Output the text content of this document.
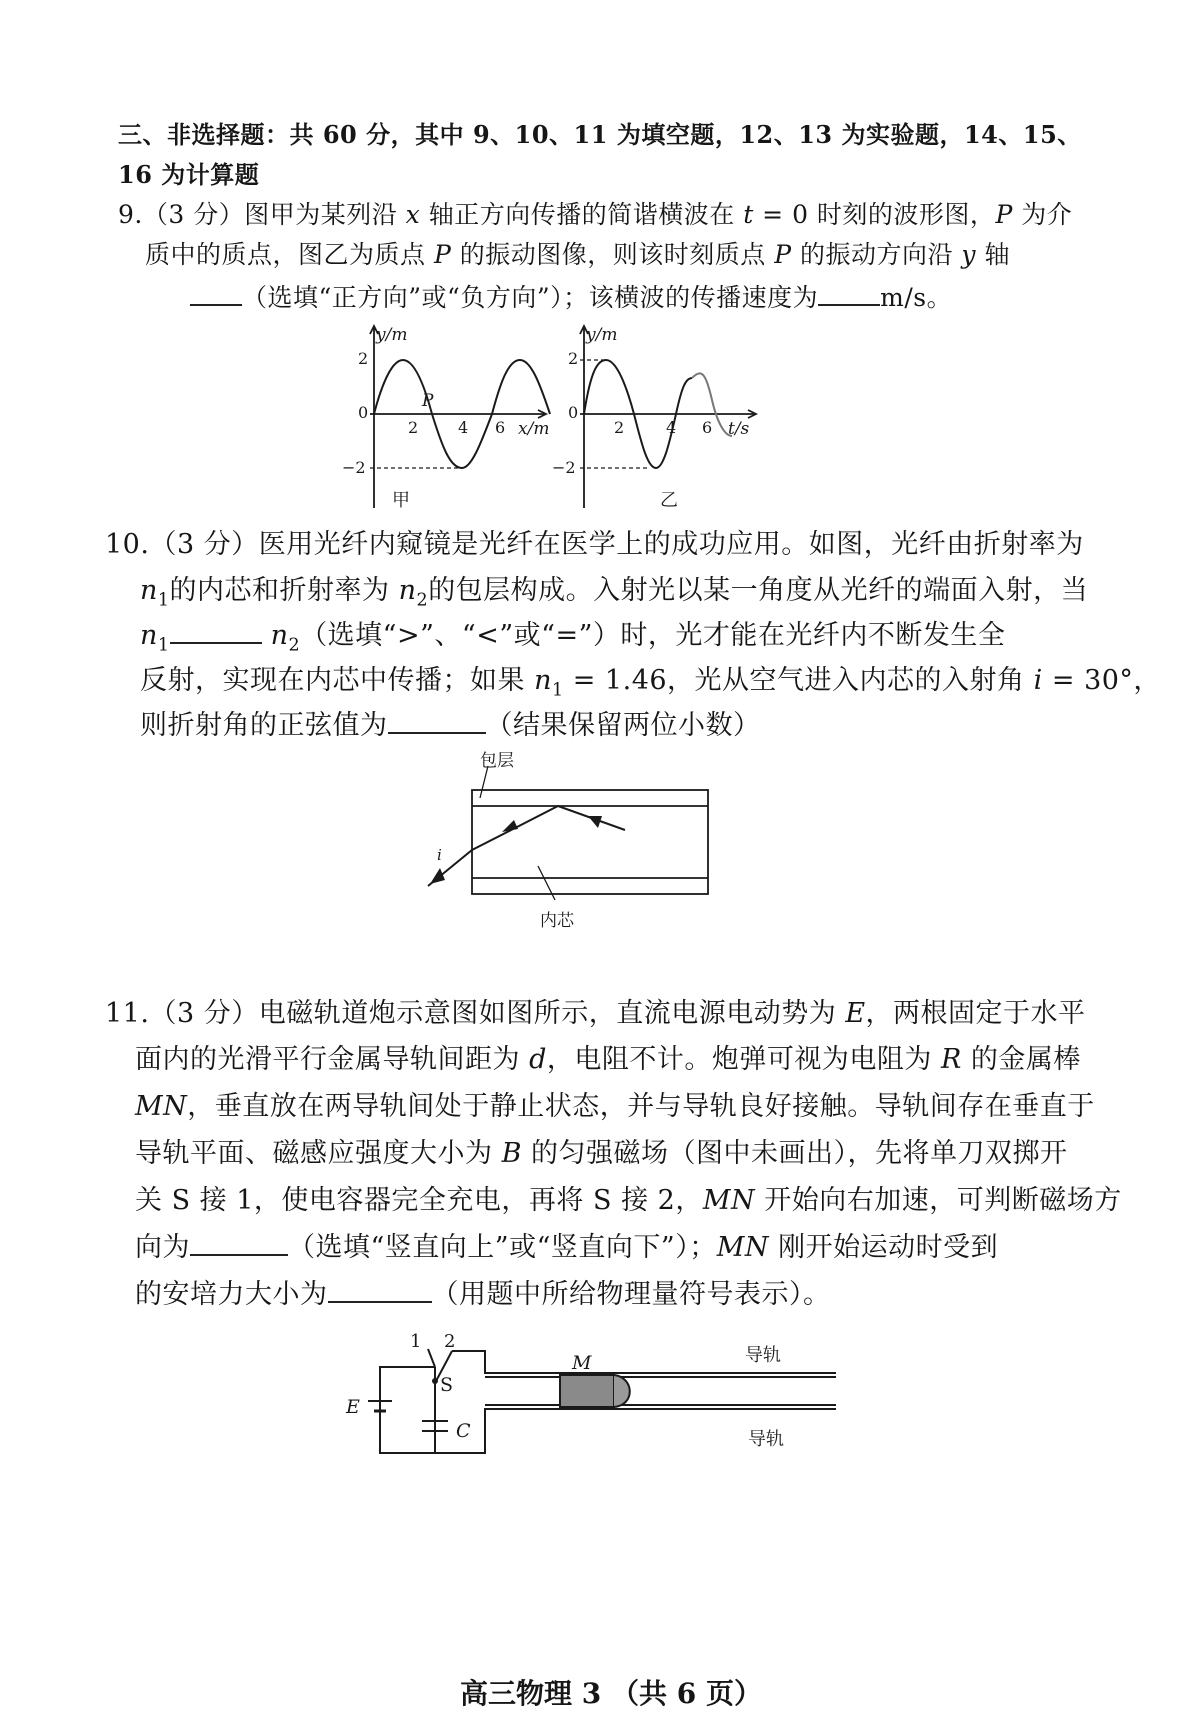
三、非选择题：共 60 分，其中 9、10、11 为填空题，12、13 为实验题，14、15、
16 为计算题
9.（3 分）图甲为某列沿 x 轴正方向传播的简谐横波在 t = 0 时刻的波形图，P 为介
质中的质点，图乙为质点 P 的振动图像，则该时刻质点 P 的振动方向沿 y 轴
（选填“正方向”或“负方向”）；该横波的传播速度为 m/s。
y/m
2
0
−2
2 4 6 x/m
P
甲
y/m
2
0
−2
2	4 6 t/s
乙
10.（3 分）医用光纤内窥镜是光纤在医学上的成功应用。如图，光纤由折射率为
$n_1$的内芯和折射率为 $n_2$的包层构成。入射光以某一角度从光纤的端面入射，当
$n_1$	$n_2$（选填“>”、“<”或“=”）时，光才能在光纤内不断发生全
反射，实现在内芯中传播；如果 $n_1 = 1.46$，光从空气进入内芯的入射角 i = 30°，
则折射角的正弦值为	（结果保留两位小数）
包层
内芯
i
11.（3 分）电磁轨道炮示意图如图所示，直流电源电动势为 E，两根固定于水平
面内的光滑平行金属导轨间距为 d，电阻不计。炮弹可视为电阻为 R 的金属棒
MN，垂直放在两导轨间处于静止状态，并与导轨良好接触。导轨间存在垂直于
导轨平面、磁感应强度大小为 B 的匀强磁场（图中未画出），先将单刀双掷开
关 S 接 1，使电容器完全充电，再将 S 接 2，MN 开始向右加速，可判断磁场方
向为	（选填“竖直向上”或“竖直向下”）；MN 刚开始运动时受到
的安培力大小为	（用题中所给物理量符号表示）。
1 2
S
E
C
M	导轨
导轨
高三物理 3 （共 6 页）
